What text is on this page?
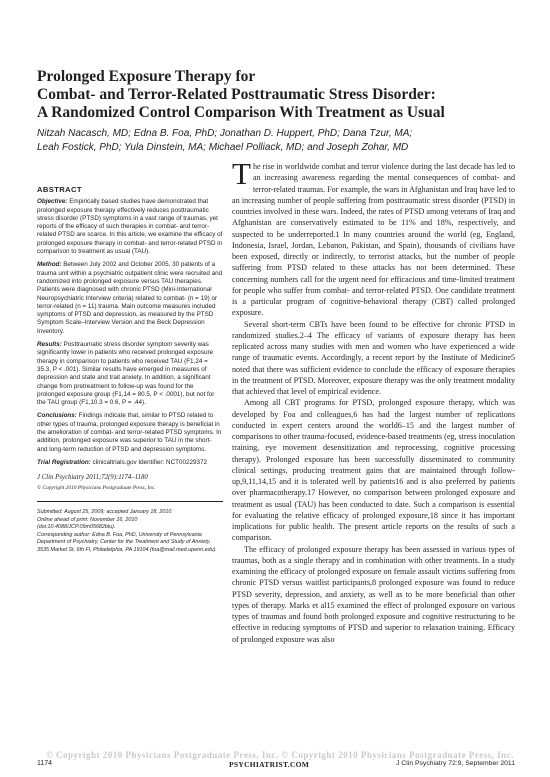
Prolonged Exposure Therapy for
Combat- and Terror-Related Posttraumatic Stress Disorder:
A Randomized Control Comparison With Treatment as Usual
Nitzah Nacasch, MD; Edna B. Foa, PhD; Jonathan D. Huppert, PhD; Dana Tzur, MA;
Leah Fostick, PhD; Yula Dinstein, MA; Michael Polliack, MD; and Joseph Zohar, MD
ABSTRACT
Objective: Empirically based studies have demonstrated that prolonged exposure therapy effectively reduces posttraumatic stress disorder (PTSD) symptoms in a vast range of traumas, yet reports of the efficacy of such therapies in combat- and terror-related PTSD are scarce. In this article, we examine the efficacy of prolonged exposure therapy in combat- and terror-related PTSD in comparison to treatment as usual (TAU).
Method: Between July 2002 and October 2005, 30 patients of a trauma unit within a psychiatric outpatient clinic were recruited and randomized into prolonged exposure versus TAU therapies. Patients were diagnosed with chronic PTSD (Mini-International Neuropsychiatric Interview criteria) related to combat- (n = 19) or terror-related (n = 11) trauma. Main outcome measures included symptoms of PTSD and depression, as measured by the PTSD Symptom Scale–Interview Version and the Beck Depression Inventory.
Results: Posttraumatic stress disorder symptom severity was significantly lower in patients who received prolonged exposure therapy in comparison to patients who received TAU (F1,24 = 35.3, P < .001). Similar results have emerged in measures of depression and state and trait anxiety. In addition, a significant change from pretreatment to follow-up was found for the prolonged exposure group (F1,14 = 80.5, P < .0001), but not for the TAU group (F1,10.3 = 0.6, P = .44).
Conclusions: Findings indicate that, similar to PTSD related to other types of trauma, prolonged exposure therapy is beneficial in the amelioration of combat- and terror-related PTSD symptoms. In addition, prolonged exposure was superior to TAU in the short- and long-term reduction of PTSD and depression symptoms.
Trial Registration: clinicaltrials.gov Identifier: NCT00229372
J Clin Psychiatry 2011;72(9):1174–1180
© Copyright 2010 Physicians Postgraduate Press, Inc.
Submitted: August 25, 2009; accepted January 18, 2010.
Online ahead of print: November 16, 2010
(doi:10.4088/JCP.09m05682blu).
Corresponding author: Edna B. Foa, PhD, University of Pennsylvania Department of Psychiatry, Center for the Treatment and Study of Anxiety, 3535 Market St, 6th Fl, Philadelphia, PA 19104 (foa@mail.med.upenn.edu).

The rise in worldwide combat and terror violence during the last decade has led to an increasing awareness regarding the mental consequences of combat- and terror-related traumas. For example, the wars in Afghanistan and Iraq have led to an increasing number of people suffering from posttraumatic stress disorder (PTSD) in countries involved in these wars. Indeed, the rates of PTSD among veterans of Iraq and Afghanistan are conservatively estimated to be 11% and 18%, respectively, and suspected to be underreported.1 In many countries around the world (eg, England, Indonesia, Israel, Jordan, Lebanon, Pakistan, and Spain), thousands of civilians have been exposed, directly or indirectly, to terrorist attacks, but the number of people suffering from PTSD related to these attacks has not been determined. These concerning numbers call for the urgent need for efficacious and time-limited treatment for people who suffer from combat- and terror-related PTSD. One candidate treatment is a particular program of cognitive-behavioral therapy (CBT) called prolonged exposure.

Several short-term CBTs have been found to be effective for chronic PTSD in randomized studies.2–4 The efficacy of variants of exposure therapy has been replicated across many studies with men and women who have experienced a wide range of traumatic events. Accordingly, a recent report by the Institute of Medicine5 noted that there was sufficient evidence to conclude the efficacy of exposure therapies in the treatment of PTSD. Moreover, exposure therapy was the only treatment modality that achieved that level of empirical evidence.

Among all CBT programs for PTSD, prolonged exposure therapy, which was developed by Foa and colleagues,6 has had the largest number of replications conducted in expert centers around the world6–15 and the largest number of comparisons to other trauma-focused, evidence-based treatments (eg, stress inoculation training, eye movement desensitization and reprocessing, cognitive processing therapy). Prolonged exposure has been successfully disseminated to community clinical settings, producing treatment gains that are maintained through follow-up,9,11,14,15 and it is tolerated well by patients16 and is also preferred by patients over pharmacotherapy.17 However, no comparison between prolonged exposure and treatment as usual (TAU) has been conducted to date. Such a comparison is essential for evaluating the relative efficacy of prolonged exposure,18 since it has important implications for public health. The present article reports on the results of such a comparison.

The efficacy of prolonged exposure therapy has been assessed in various types of traumas, both as a single therapy and in combination with other treatments. In a study examining the efficacy of prolonged exposure on female assault victims suffering from chronic PTSD versus waitlist participants,8 prolonged exposure was found to reduce PTSD severity, depression, and anxiety, as well as to be more beneficial than other types of therapy. Marks et al15 examined the effect of prolonged exposure on various types of traumas and found both prolonged exposure and cognitive restructuring to be effective in reducing symptoms of PTSD and superior to relaxation training. Efficacy of prolonged exposure was also

© Copyright 2010 Physicians Postgraduate Press, Inc. © Copyright 2010 Physicians Postgraduate Press, Inc.
1174	PSYCHIATRIST.COM	J Clin Psychiatry 72:9, September 2011
